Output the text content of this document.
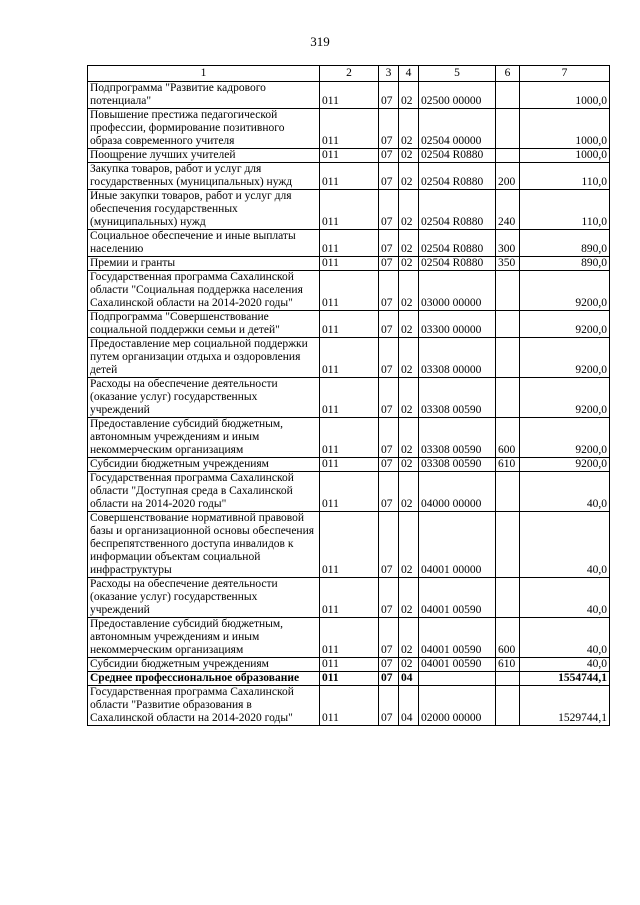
319
1	2	3	4	5	6	7
Подпрограмма "Развитие кадрового потенциала"	011	07	02	02500 00000		1000,0
Повышение престижа педагогической профессии, формирование позитивного образа современного учителя	011	07	02	02504 00000		1000,0
Поощрение лучших учителей	011	07	02	02504 R0880		1000,0
Закупка товаров, работ и услуг для государственных (муниципальных) нужд	011	07	02	02504 R0880	200	110,0
Иные закупки товаров, работ и услуг для обеспечения государственных (муниципальных) нужд	011	07	02	02504 R0880	240	110,0
Социальное обеспечение и иные выплаты населению	011	07	02	02504 R0880	300	890,0
Премии и гранты	011	07	02	02504 R0880	350	890,0
Государственная программа Сахалинской области "Социальная поддержка населения Сахалинской области на 2014-2020 годы"	011	07	02	03000 00000		9200,0
Подпрограмма "Совершенствование социальной поддержки семьи и детей"	011	07	02	03300 00000		9200,0
Предоставление мер социальной поддержки путем организации отдыха и оздоровления детей	011	07	02	03308 00000		9200,0
Расходы на обеспечение деятельности (оказание услуг) государственных учреждений	011	07	02	03308 00590		9200,0
Предоставление субсидий бюджетным, автономным учреждениям и иным некоммерческим организациям	011	07	02	03308 00590	600	9200,0
Субсидии бюджетным учреждениям	011	07	02	03308 00590	610	9200,0
Государственная программа Сахалинской области "Доступная среда в Сахалинской области на 2014-2020 годы"	011	07	02	04000 00000		40,0
Совершенствование нормативной правовой базы и организационной основы обеспечения беспрепятственного доступа инвалидов к информации объектам социальной инфраструктуры	011	07	02	04001 00000		40,0
Расходы на обеспечение деятельности (оказание услуг) государственных учреждений	011	07	02	04001 00590		40,0
Предоставление субсидий бюджетным, автономным учреждениям и иным некоммерческим организациям	011	07	02	04001 00590	600	40,0
Субсидии бюджетным учреждениям	011	07	02	04001 00590	610	40,0
Среднее профессиональное образование	011	07	04			1554744,1
Государственная программа Сахалинской области "Развитие образования в Сахалинской области на 2014-2020 годы"	011	07	04	02000 00000		1529744,1
